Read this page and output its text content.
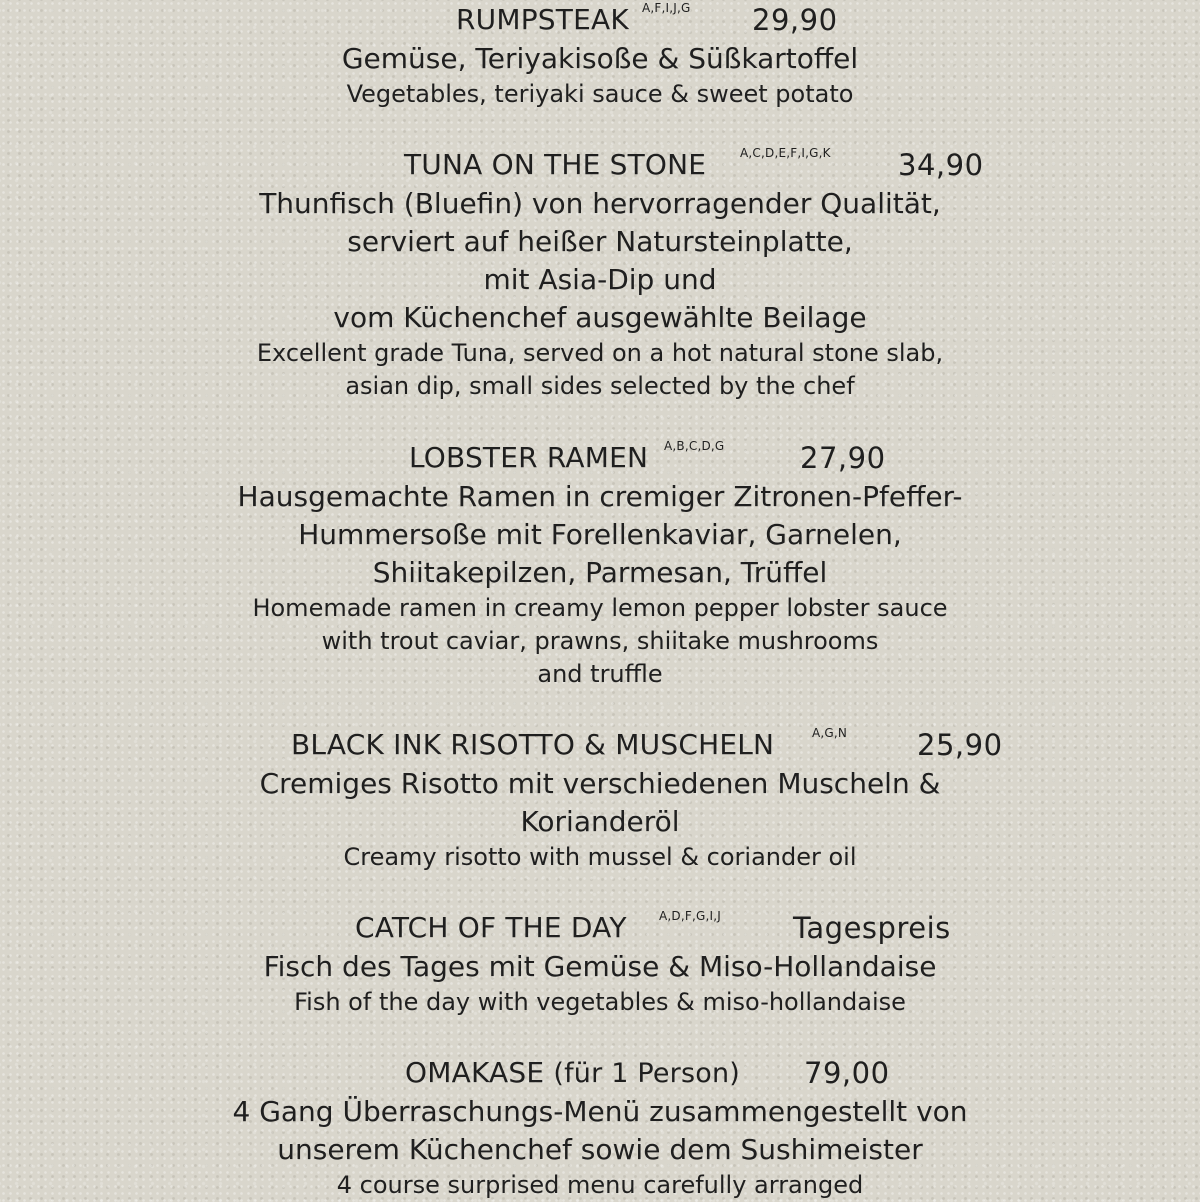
RUMPSTEAK A,F,I,J,G 29,90

Gemüse, Teriyakisoße & Süßkartoffel

Vegetables, teriyaki sauce & sweet potato

TUNA ON THE STONE	A,C,D,E,F,I,G,K 34,90

Thunfisch (Bluefin) von hervorragender Qualität,

serviert auf heißer Natursteinplatte,

mit Asia-Dip und

vom Küchenchef ausgewählte Beilage

Excellent grade Tuna, served on a hot natural stone slab,

asian dip, small sides selected by the chef

LOBSTER RAMEN A,B,C,D,G	27,90

Hausgemachte Ramen in cremiger Zitronen-Pfeffer-

Hummersoße mit Forellenkaviar, Garnelen,

Shiitakepilzen, Parmesan, Trüffel

Homemade ramen in creamy lemon pepper lobster sauce

with trout caviar, prawns, shiitake mushrooms

and truffle

BLACK INK RISOTTO & MUSCHELN	A,G,N 25,90

Cremiges Risotto mit verschiedenen Muscheln &

Korianderöl

Creamy risotto with mussel & coriander oil

CATCH OF THE DAY	A,D,F,G,I,J Tagespreis

Fisch des Tages mit Gemüse & Miso-Hollandaise

Fish of the day with vegetables & miso-hollandaise

OMAKASE (für 1 Person) 79,00

4 Gang Überraschungs-Menü zusammengestellt von

unserem Küchenchef sowie dem Sushimeister

4 course surprised menu carefully arranged
